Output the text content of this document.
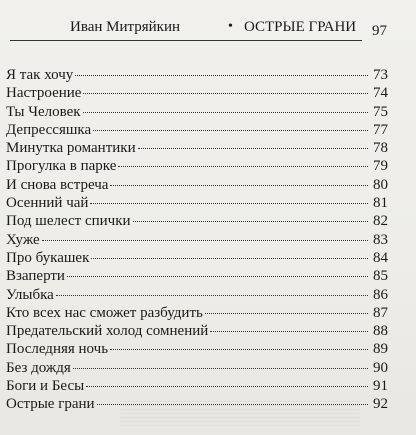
Иван Митряйкин	• ОСТРЫЕ ГРАНИ 97
Я так хочу	73
Настроение	74
Ты Человек	75
Депрессяшка	77
Минутка романтики	78
Прогулка в парке	79
И снова встреча	80
Осенний чай	81
Под шелест спички	82
Хуже	83
Про букашек	84
Взаперти	85
Улыбка	86
Кто всех нас сможет разбудить	87
Предательский холод сомнений	88
Последняя ночь	89
Без дождя	90
Боги и Бесы	91
Острые грани	92
